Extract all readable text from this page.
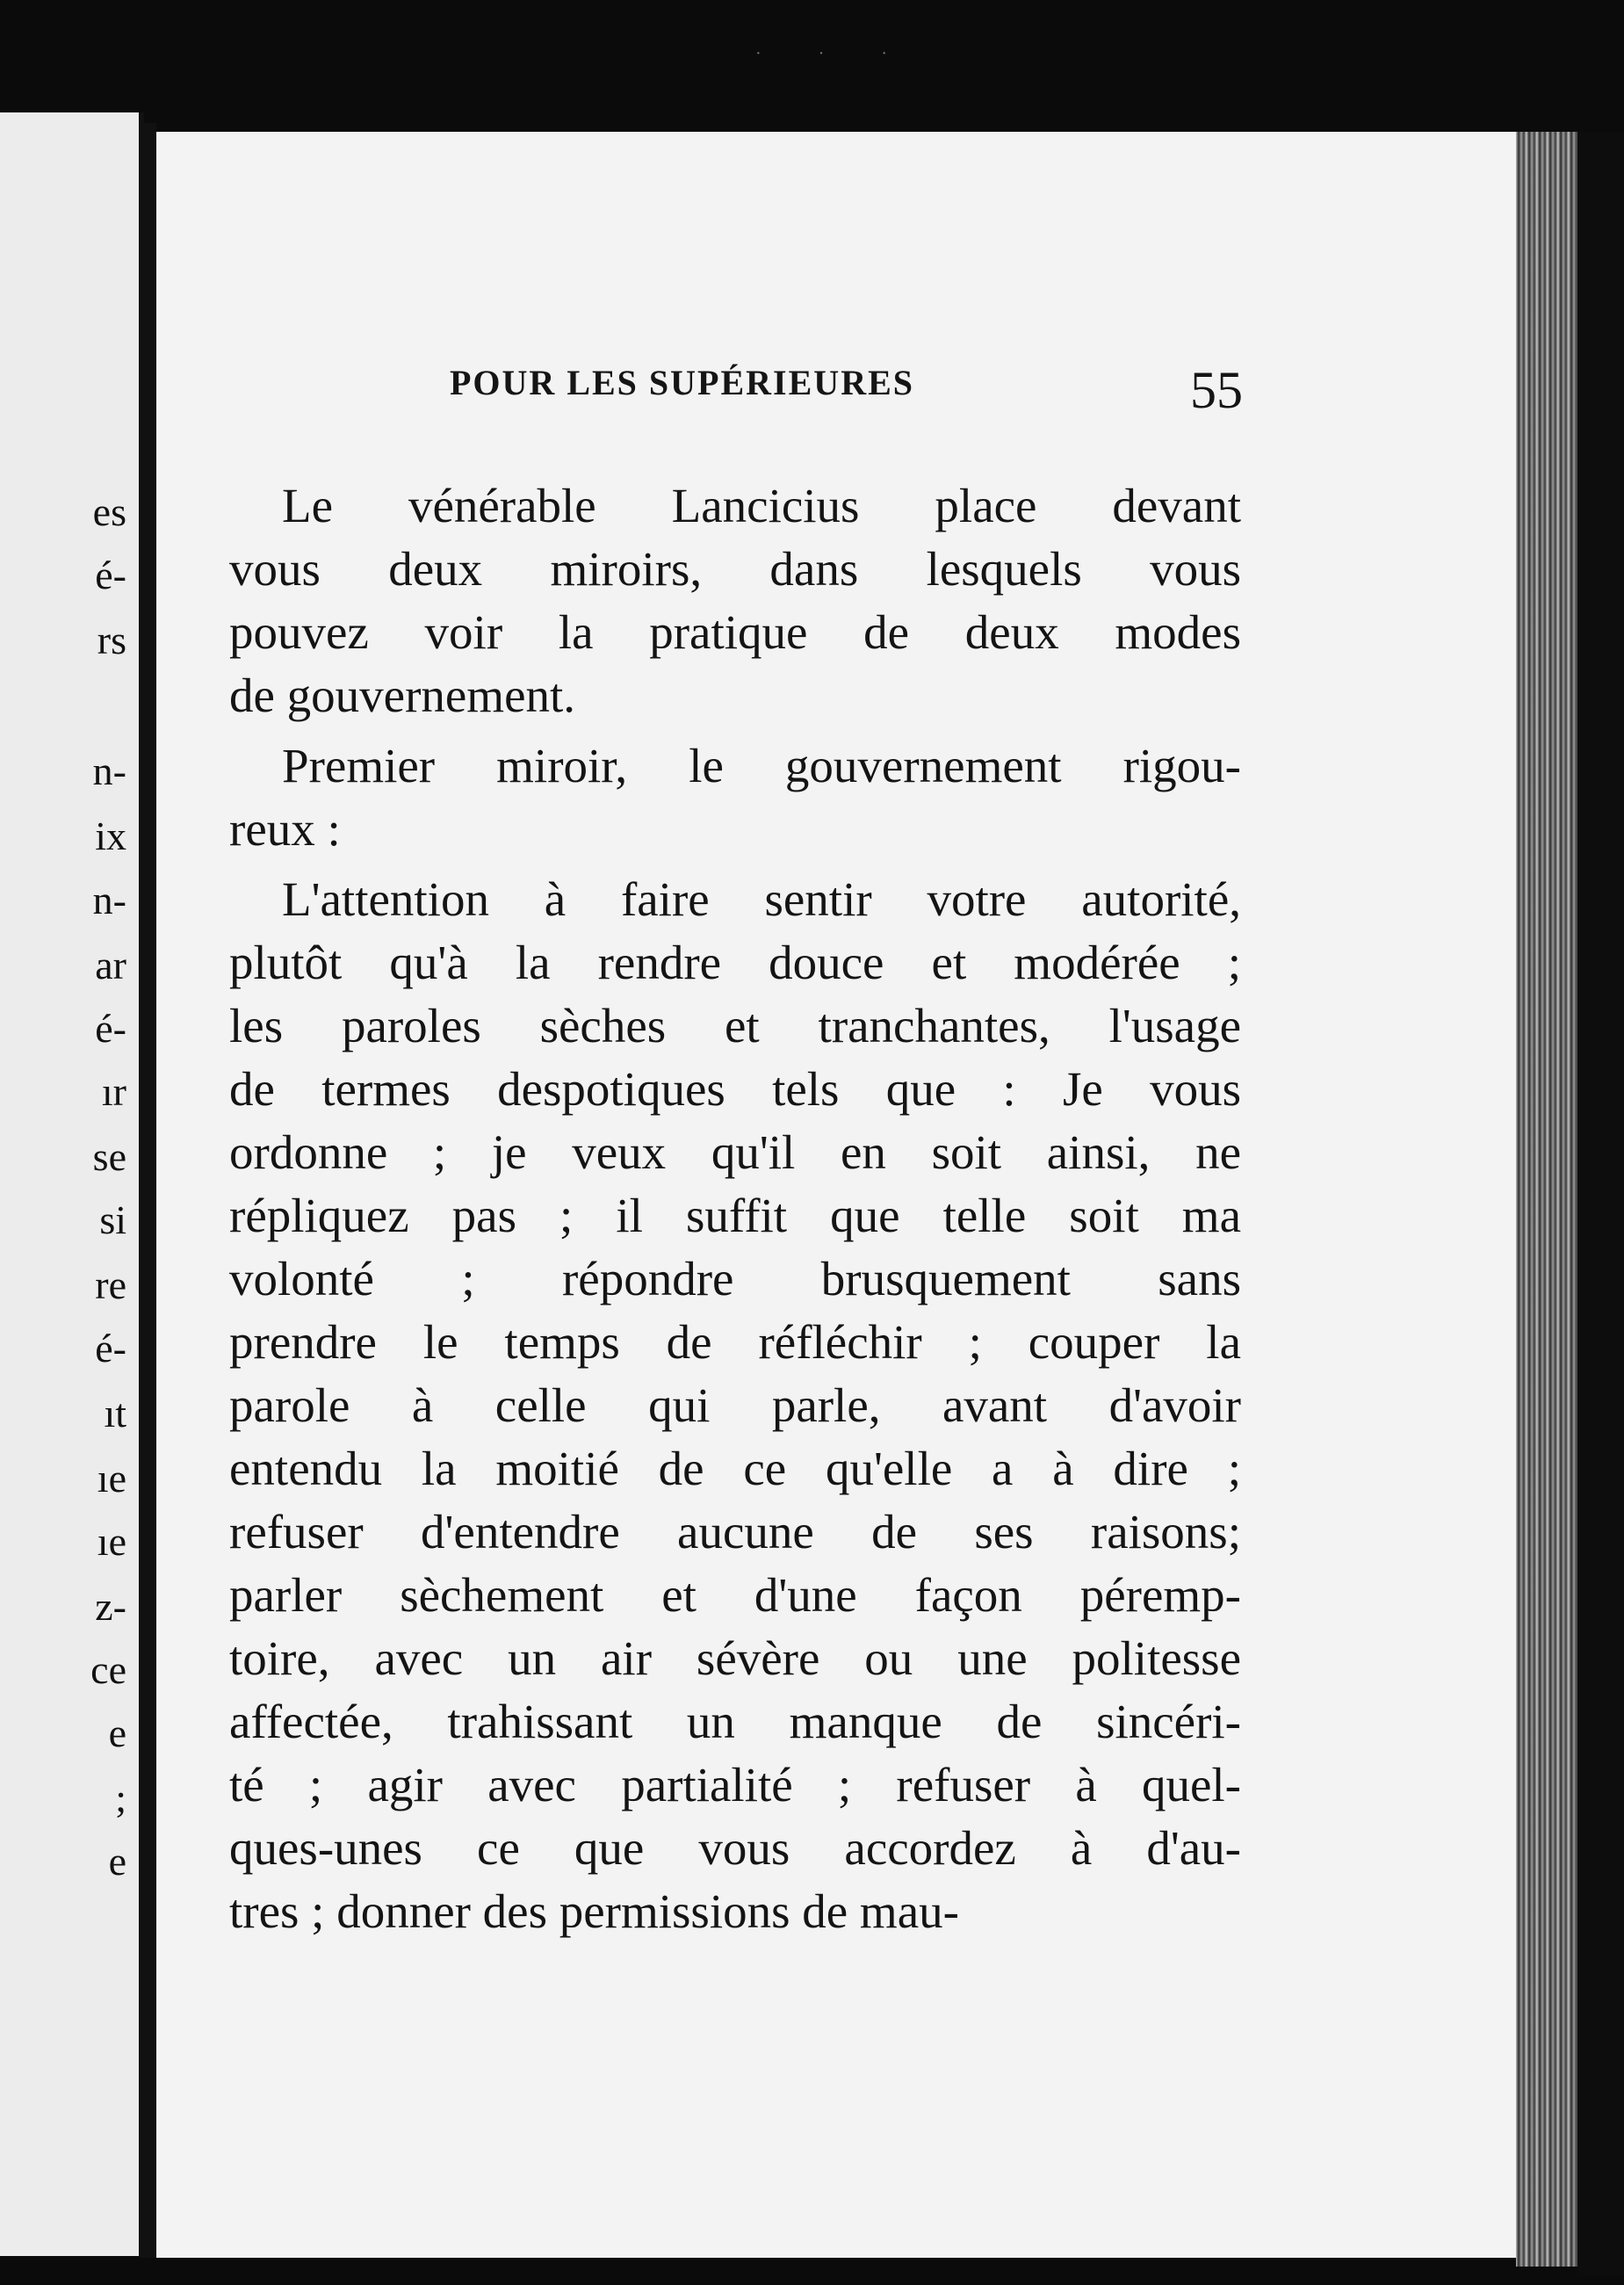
· · ·
es
é-
rs
n-
ix
n-
ar
é-
ır
se
si
re
é-
ıt
ıe
ıe
z-
ce
e
;
e
POUR LES SUPÉRIEURES	55
Le vénérable Lancicius place devant
vous deux miroirs, dans lesquels vous
pouvez voir la pratique de deux modes
de gouvernement.
Premier miroir, le gouvernement rigou-
reux :
L'attention à faire sentir votre autorité,
plutôt qu'à la rendre douce et modérée ;
les paroles sèches et tranchantes, l'usage
de termes despotiques tels que : Je vous
ordonne ; je veux qu'il en soit ainsi, ne
répliquez pas ; il suffit que telle soit ma
volonté ; répondre brusquement sans
prendre le temps de réfléchir ; couper la
parole à celle qui parle, avant d'avoir
entendu la moitié de ce qu'elle a à dire ;
refuser d'entendre aucune de ses raisons;
parler sèchement et d'une façon péremp-
toire, avec un air sévère ou une politesse
affectée, trahissant un manque de sincéri-
té ; agir avec partialité ; refuser à quel-
ques-unes ce que vous accordez à d'au-
tres ; donner des permissions de mau-
